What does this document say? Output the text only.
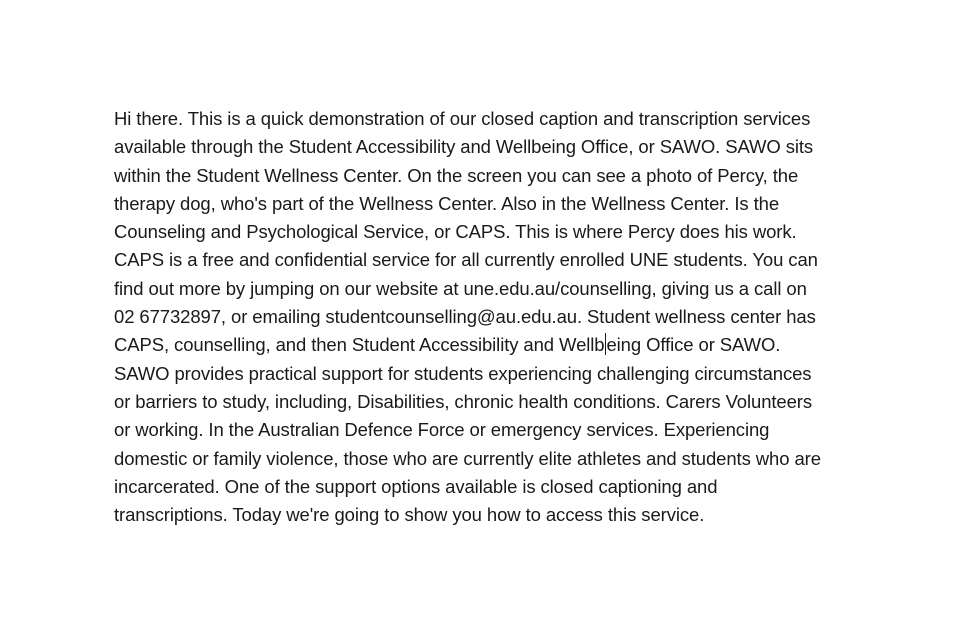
Hi there. This is a quick demonstration of our closed caption and transcription services
available through the Student Accessibility and Wellbeing Office, or SAWO. SAWO sits
within the Student Wellness Center. On the screen you can see a photo of Percy, the
therapy dog, who's part of the Wellness Center. Also in the Wellness Center. Is the
Counseling and Psychological Service, or CAPS. This is where Percy does his work.
CAPS is a free and confidential service for all currently enrolled UNE students. You can
find out more by jumping on our website at une.edu.au/counselling, giving us a call on
02 67732897, or emailing studentcounselling@au.edu.au. Student wellness center has
CAPS, counselling, and then Student Accessibility and Wellb eing Office or SAWO.
SAWO provides practical support for students experiencing challenging circumstances
or barriers to study, including, Disabilities, chronic health conditions. Carers Volunteers
or working. In the Australian Defence Force or emergency services. Experiencing
domestic or family violence, those who are currently elite athletes and students who are
incarcerated. One of the support options available is closed captioning and
transcriptions. Today we're going to show you how to access this service.
